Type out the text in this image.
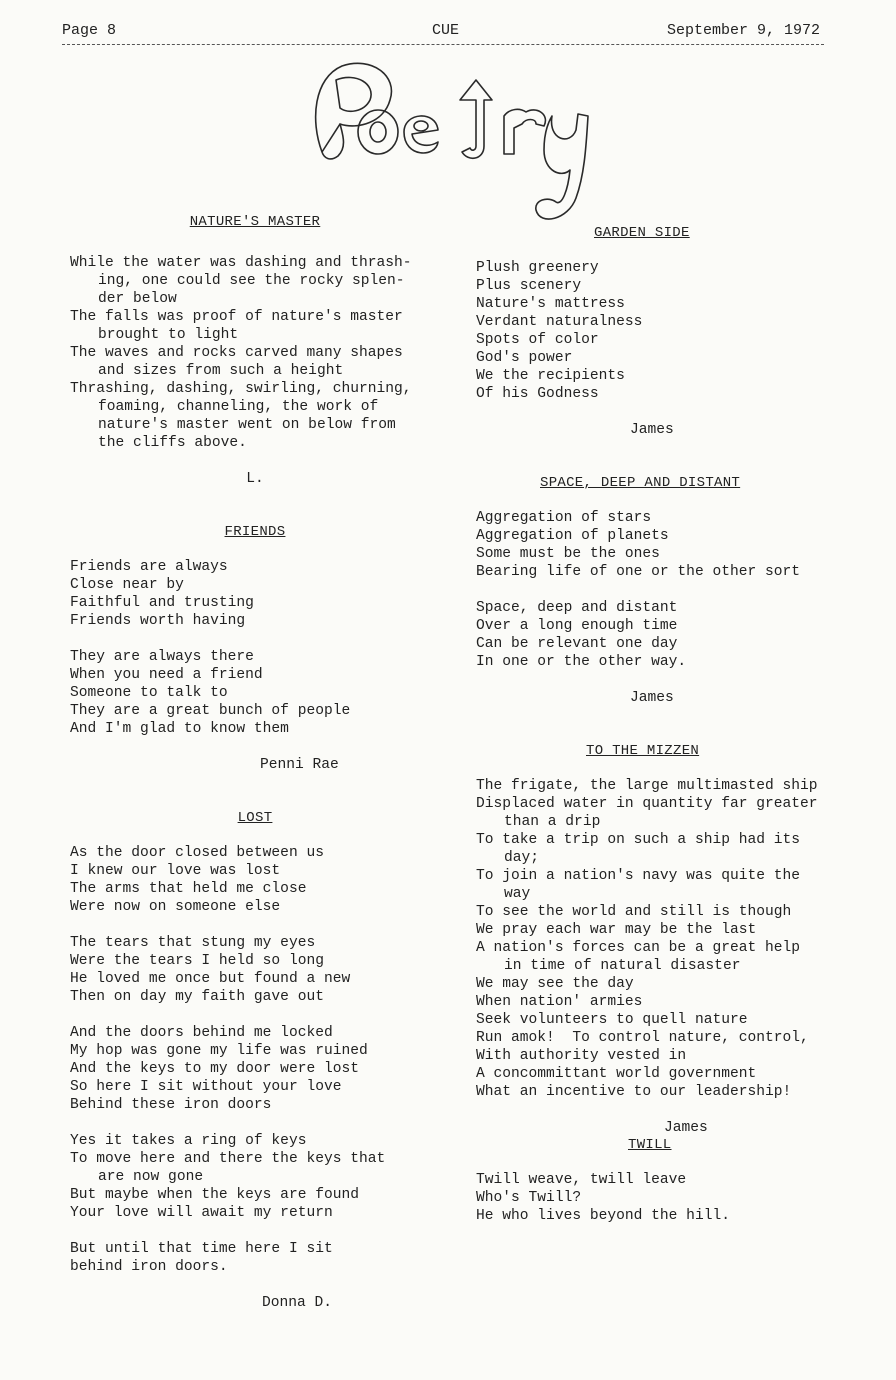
Page 8	CUE	September 9, 1972
NATURE'S MASTER
While the water was dashing and thrash-
ing, one could see the rocky splen-
der below
The falls was proof of nature's master
brought to light
The waves and rocks carved many shapes
and sizes from such a height
Thrashing, dashing, swirling, churning,
foaming, channeling, the work of
nature's master went on below from
the cliffs above.
L.
FRIENDS
Friends are always
Close near by
Faithful and trusting
Friends worth having
They are always there
When you need a friend
Someone to talk to
They are a great bunch of people
And I'm glad to know them
Penni Rae
LOST
As the door closed between us
I knew our love was lost
The arms that held me close
Were now on someone else
The tears that stung my eyes
Were the tears I held so long
He loved me once but found a new
Then on day my faith gave out
And the doors behind me locked
My hop was gone my life was ruined
And the keys to my door were lost
So here I sit without your love
Behind these iron doors
Yes it takes a ring of keys
To move here and there the keys that
are now gone
But maybe when the keys are found
Your love will await my return
But until that time here I sit
behind iron doors.
Donna D.
GARDEN SIDE
Plush greenery
Plus scenery
Nature's mattress
Verdant naturalness
Spots of color
God's power
We the recipients
Of his Godness
James
SPACE, DEEP AND DISTANT
Aggregation of stars
Aggregation of planets
Some must be the ones
Bearing life of one or the other sort
Space, deep and distant
Over a long enough time
Can be relevant one day
In one or the other way.
James
TO THE MIZZEN
The frigate, the large multimasted ship
Displaced water in quantity far greater
than a drip
To take a trip on such a ship had its
day;
To join a nation's navy was quite the
way
To see the world and still is though
We pray each war may be the last
A nation's forces can be a great help
in time of natural disaster
We may see the day
When nation' armies
Seek volunteers to quell nature
Run amok!  To control nature, control,
With authority vested in
A concommittant world government
What an incentive to our leadership!
James
TWILL
Twill weave, twill leave
Who's Twill?
He who lives beyond the hill.
